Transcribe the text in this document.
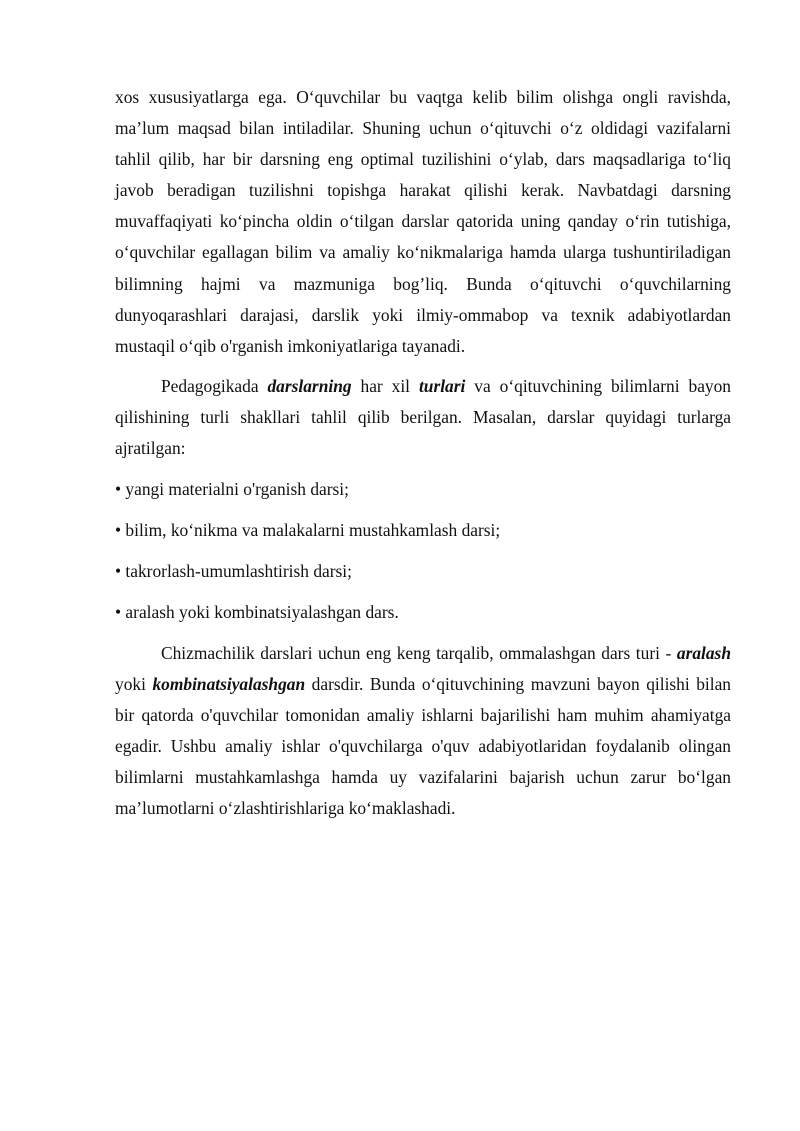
xos xususiyatlarga ega. O‘quvchilar bu vaqtga kelib bilim olishga ongli ravishda, ma’lum maqsad bilan intiladilar. Shuning uchun o‘qituvchi o‘z oldidagi vazifalarni tahlil qilib, har bir darsning eng optimal tuzilishini o‘ylab, dars maqsadlariga to‘liq javob beradigan tuzilishni topishga harakat qilishi kerak. Navbatdagi darsning muvaffaqiyati ko‘pincha oldin o‘tilgan darslar qatorida uning qanday o‘rin tutishiga, o‘quvchilar egallagan bilim va amaliy ko‘nikmalariga hamda ularga tushuntiriladigan bilimning hajmi va mazmuniga bog’liq. Bunda o‘qituvchi o‘quvchilarning dunyoqarashlari darajasi, darslik yoki ilmiy-ommabop va texnik adabiyotlardan mustaqil o‘qib o'rganish imkoniyatlariga tayanadi.

Pedagogikada darslarning har xil turlari va o‘qituvchining bilimlarni bayon qilishining turli shakllari tahlil qilib berilgan. Masalan, darslar quyidagi turlarga ajratilgan:

• yangi materialni o'rganish darsi;

• bilim, ko‘nikma va malakalarni mustahkamlash darsi;

• takrorlash-umumlashtirish darsi;

• aralash yoki kombinatsiyalashgan dars.

Chizmachilik darslari uchun eng keng tarqalib, ommalashgan dars turi - aralash yoki kombinatsiyalashgan darsdir. Bunda o‘qituvchining mavzuni bayon qilishi bilan bir qatorda o'quvchilar tomonidan amaliy ishlarni bajarilishi ham muhim ahamiyatga egadir. Ushbu amaliy ishlar o'quvchilarga o'quv adabiyotlaridan foydalanib olingan bilimlarni mustahkamlashga hamda uy vazifalarini bajarish uchun zarur bo‘lgan ma’lumotlarni o‘zlashtirishlariga ko‘maklashadi.
